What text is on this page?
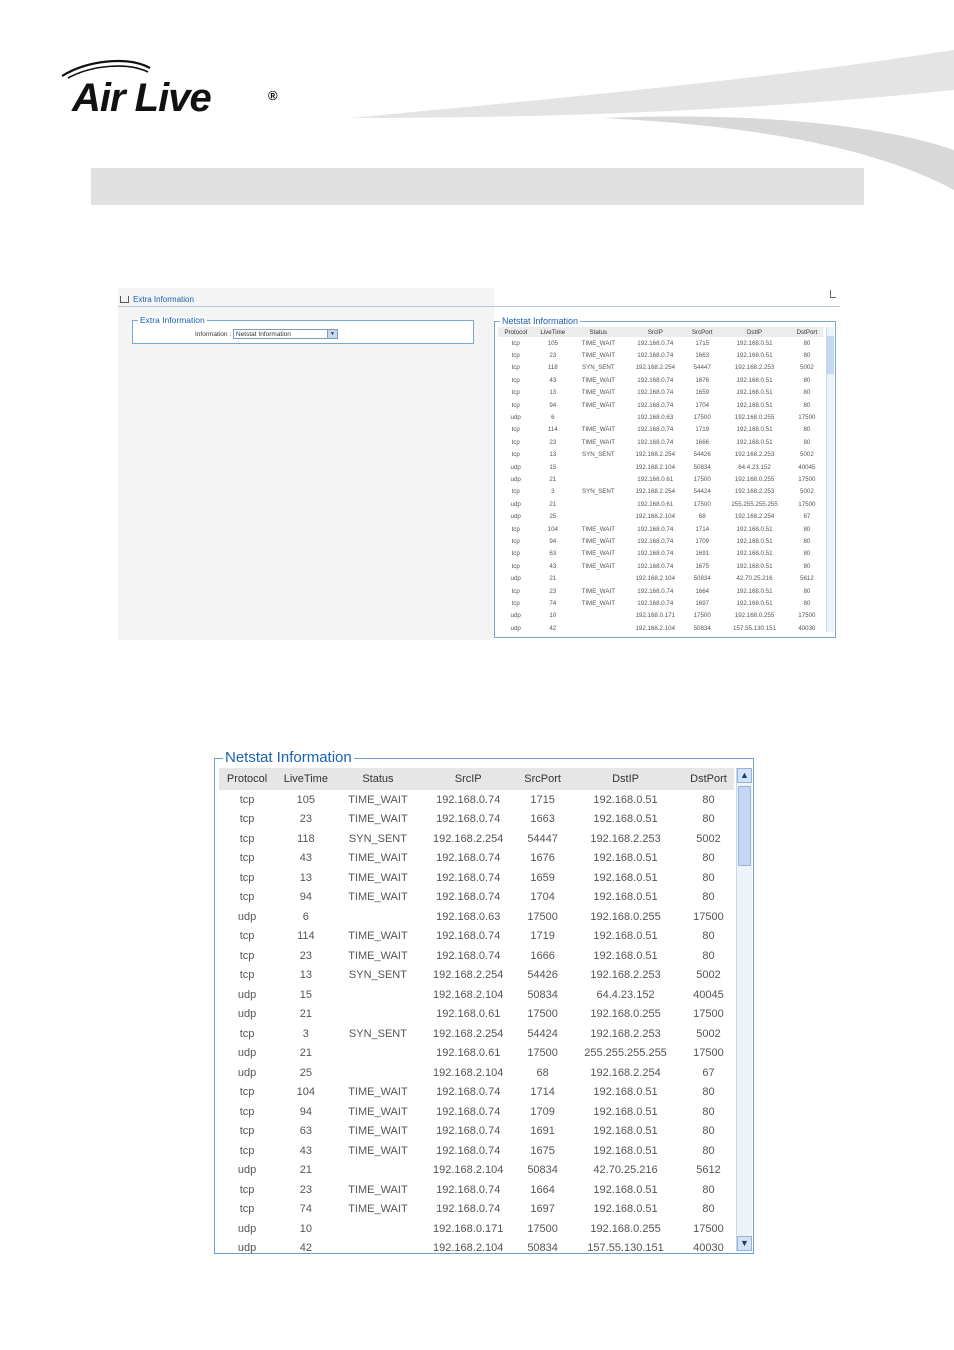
Air Live	®
Extra Information
Extra Information
Information : Netstat Information	▼
Netstat Information
Protocol	LiveTime	Status	SrcIP	SrcPort	DstIP	DstPort
tcp	105	TIME_WAIT	192.168.0.74	1715	192.168.0.51	80
tcp	23	TIME_WAIT	192.168.0.74	1663	192.168.0.51	80
tcp	118	SYN_SENT	192.168.2.254	54447	192.168.2.253	5002
tcp	43	TIME_WAIT	192.168.0.74	1676	192.168.0.51	80
tcp	13	TIME_WAIT	192.168.0.74	1659	192.168.0.51	80
tcp	94	TIME_WAIT	192.168.0.74	1704	192.168.0.51	80
udp	6		192.168.0.63	17500	192.168.0.255	17500
tcp	114	TIME_WAIT	192.168.0.74	1719	192.168.0.51	80
tcp	23	TIME_WAIT	192.168.0.74	1666	192.168.0.51	80
tcp	13	SYN_SENT	192.168.2.254	54426	192.168.2.253	5002
udp	15		192.168.2.104	50834	64.4.23.152	40045
udp	21		192.168.0.61	17500	192.168.0.255	17500
tcp	3	SYN_SENT	192.168.2.254	54424	192.168.2.253	5002
udp	21		192.168.0.61	17500	255.255.255.255	17500
udp	25		192.168.2.104	68	192.168.2.254	67
tcp	104	TIME_WAIT	192.168.0.74	1714	192.168.0.51	80
tcp	94	TIME_WAIT	192.168.0.74	1709	192.168.0.51	80
tcp	63	TIME_WAIT	192.168.0.74	1691	192.168.0.51	80
tcp	43	TIME_WAIT	192.168.0.74	1675	192.168.0.51	80
udp	21		192.168.2.104	50834	42.70.25.216	5612
tcp	23	TIME_WAIT	192.168.0.74	1664	192.168.0.51	80
tcp	74	TIME_WAIT	192.168.0.74	1697	192.168.0.51	80
udp	10		192.168.0.171	17500	192.168.0.255	17500
udp	42		192.168.2.104	50834	157.55.130.151	40030
Netstat Information
Protocol	LiveTime	Status	SrcIP	SrcPort	DstIP	DstPort
tcp	105	TIME_WAIT	192.168.0.74	1715	192.168.0.51	80
tcp	23	TIME_WAIT	192.168.0.74	1663	192.168.0.51	80
tcp	118	SYN_SENT	192.168.2.254	54447	192.168.2.253	5002
tcp	43	TIME_WAIT	192.168.0.74	1676	192.168.0.51	80
tcp	13	TIME_WAIT	192.168.0.74	1659	192.168.0.51	80
tcp	94	TIME_WAIT	192.168.0.74	1704	192.168.0.51	80
udp	6		192.168.0.63	17500	192.168.0.255	17500
tcp	114	TIME_WAIT	192.168.0.74	1719	192.168.0.51	80
tcp	23	TIME_WAIT	192.168.0.74	1666	192.168.0.51	80
tcp	13	SYN_SENT	192.168.2.254	54426	192.168.2.253	5002
udp	15		192.168.2.104	50834	64.4.23.152	40045
udp	21		192.168.0.61	17500	192.168.0.255	17500
tcp	3	SYN_SENT	192.168.2.254	54424	192.168.2.253	5002
udp	21		192.168.0.61	17500	255.255.255.255	17500
udp	25		192.168.2.104	68	192.168.2.254	67
tcp	104	TIME_WAIT	192.168.0.74	1714	192.168.0.51	80
tcp	94	TIME_WAIT	192.168.0.74	1709	192.168.0.51	80
tcp	63	TIME_WAIT	192.168.0.74	1691	192.168.0.51	80
tcp	43	TIME_WAIT	192.168.0.74	1675	192.168.0.51	80
udp	21		192.168.2.104	50834	42.70.25.216	5612
tcp	23	TIME_WAIT	192.168.0.74	1664	192.168.0.51	80
tcp	74	TIME_WAIT	192.168.0.74	1697	192.168.0.51	80
udp	10		192.168.0.171	17500	192.168.0.255	17500
udp	42		192.168.2.104	50834	157.55.130.151	40030
▲
▼
